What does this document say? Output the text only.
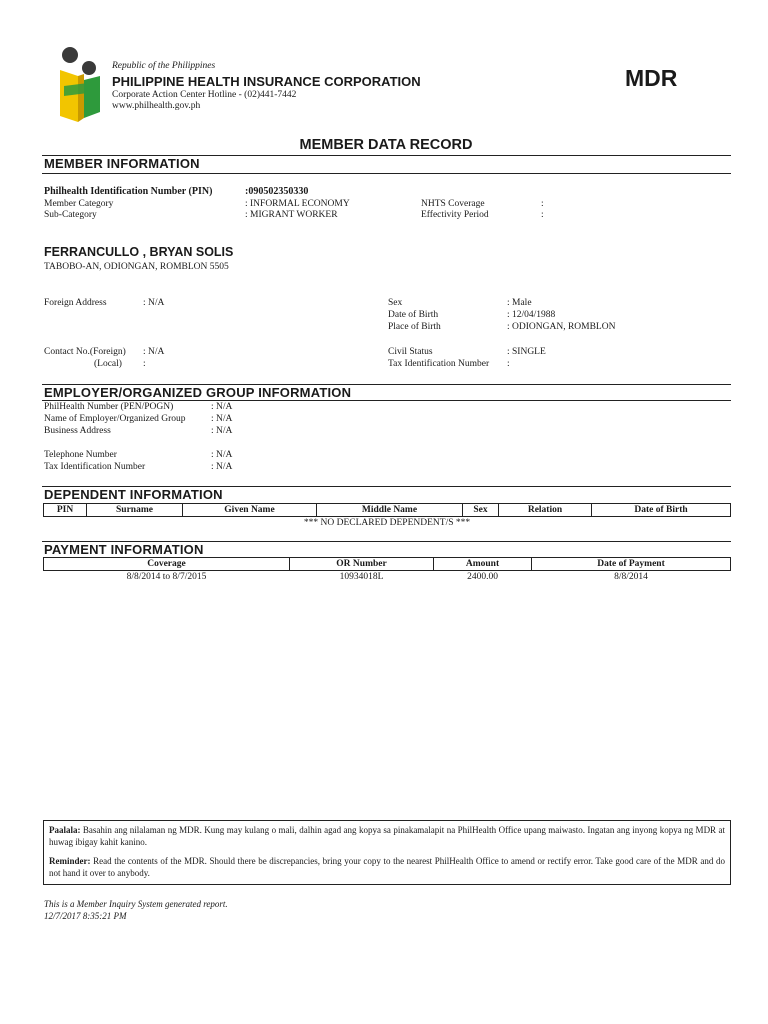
Republic of the Philippines
PHILIPPINE HEALTH INSURANCE CORPORATION
Corporate Action Center Hotline - (02)441-7442
www.philhealth.gov.ph
MDR
MEMBER DATA RECORD
MEMBER INFORMATION
Philhealth Identification Number (PIN)	:090502350330
Member Category	: INFORMAL ECONOMY
Sub-Category	: MIGRANT WORKER
NHTS Coverage	:
Effectivity Period	:
FERRANCULLO , BRYAN SOLIS
TABOBO-AN, ODIONGAN, ROMBLON 5505
Foreign Address	: N/A	Sex	: Male
Date of Birth	: 12/04/1988
Place of Birth	: ODIONGAN, ROMBLON
Contact No.(Foreign) : N/A
(Local) :
Civil Status	: SINGLE
Tax Identification Number :
EMPLOYER/ORGANIZED GROUP INFORMATION
PhilHealth Number (PEN/POGN)	: N/A
Name of Employer/Organized Group	: N/A
Business Address	: N/A
Telephone Number	: N/A
Tax Identification Number	: N/A
DEPENDENT INFORMATION
PIN	Surname	Given Name	Middle Name	Sex	Relation	Date of Birth
*** NO DECLARED DEPENDENT/S ***
PAYMENT INFORMATION
Coverage	OR Number	Amount	Date of Payment
8/8/2014 to 8/7/2015	10934018L	2400.00	8/8/2014

Paalala: Basahin ang nilalaman ng MDR. Kung may kulang o mali, dalhin agad ang kopya sa pinakamalapit na PhilHealth Office upang maiwasto. Ingatan ang inyong kopya ng MDR at huwag ibigay kahit kanino.

Reminder: Read the contents of the MDR. Should there be discrepancies, bring your copy to the nearest PhilHealth Office to amend or rectify error. Take good care of the MDR and do not hand it over to anybody.

This is a Member Inquiry System generated report.
12/7/2017 8:35:21 PM
